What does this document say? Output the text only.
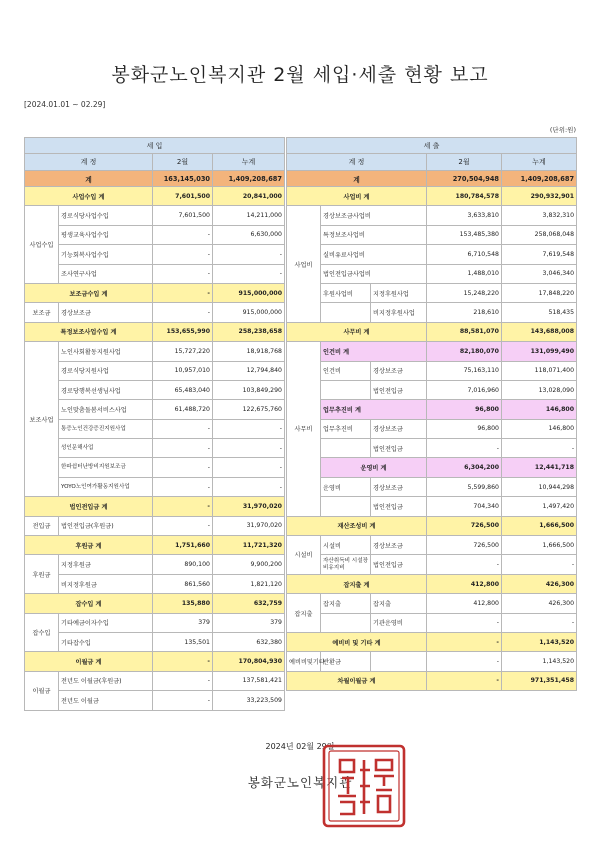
봉화군노인복지관 2월 세입·세출 현황 보고
[2024.01.01 ~ 02.29]
(단위:원)
세 입			
계 정		2월	누계
계		163,145,030	1,409,208,687
사업수입 계		7,601,500	20,841,000
사업수입	경로식당사업수입	7,601,500	14,211,000
	평생교육사업수입	-	6,630,000
	기능회복사업수입	-	-
	조사연구사업	-	-
보조금수입 계		-	915,000,000
보조금	경상보조금	-	915,000,000
특정보조사업수입 계		153,655,990	258,238,658
보조사업	노인사회활동지원사업	15,727,220	18,918,768
	경로식당지원사업	10,957,010	12,794,840
	경로당행복선생님사업	65,483,040	103,849,290
	노인맞춤돌봄서비스사업	61,488,720	122,675,760
	통증노인건강증진지원사업	-	-
	성인문해사업	-	-
	한파쉼터난방비지원보조금	-	-
	YOYO노인여가활동지원사업	-	-
법인전입금 계		-	31,970,020
전입금	법인전입금(후원금)	-	31,970,020
후원금 계		1,751,660	11,721,320
후원금	지정후원금	890,100	9,900,200
	비지정후원금	861,560	1,821,120
잡수입 계		135,880	632,759
잡수입	기타예금이자수입	379	379
	기타잡수입	135,501	632,380
이월금 계		-	170,804,930
이월금	전년도 이월금(후원금)	-	137,581,421
	전년도 이월금	-	33,223,509
세 출				
계 정			2월	누계
계			270,504,948	1,409,208,687
사업비 계			180,784,578	290,932,901
사업비	경상보조금사업비		3,633,810	3,832,310
	특정보조사업비		153,485,380	258,068,048
	실비유료사업비		6,710,548	7,619,548
	법인전입금사업비		1,488,010	3,046,340
	후원사업비	지정후원사업	15,248,220	17,848,220
		비지정후원사업	218,610	518,435
사무비 계			88,581,070	143,688,008
사무비	인건비 계		82,180,070	131,099,490
	인건비	경상보조금	75,163,110	118,071,400
		법인전입금	7,016,960	13,028,090
	업무추진비 계		96,800	146,800
	업무추진비	경상보조금	96,800	146,800
		법인전입금	-	-
	운영비 계		6,304,200	12,441,718
	운영비	경상보조금	5,599,860	10,944,298
		법인전입금	704,340	1,497,420
재산조성비 계			726,500	1,666,500
시설비	시설비	경상보조금	726,500	1,666,500
	자산취득비 시설장비유지비	법인전입금	-	-
잡지출 계			412,800	426,300
잡지출	잡지출	잡지출	412,800	426,300
		기관운영비	-	-
예비비 및 기타 계			-	1,143,520
예비비및기타	반환금		-	1,143,520
차월이월금 계			-	971,351,458
2024년 02월 29일
봉화군노인복지관
